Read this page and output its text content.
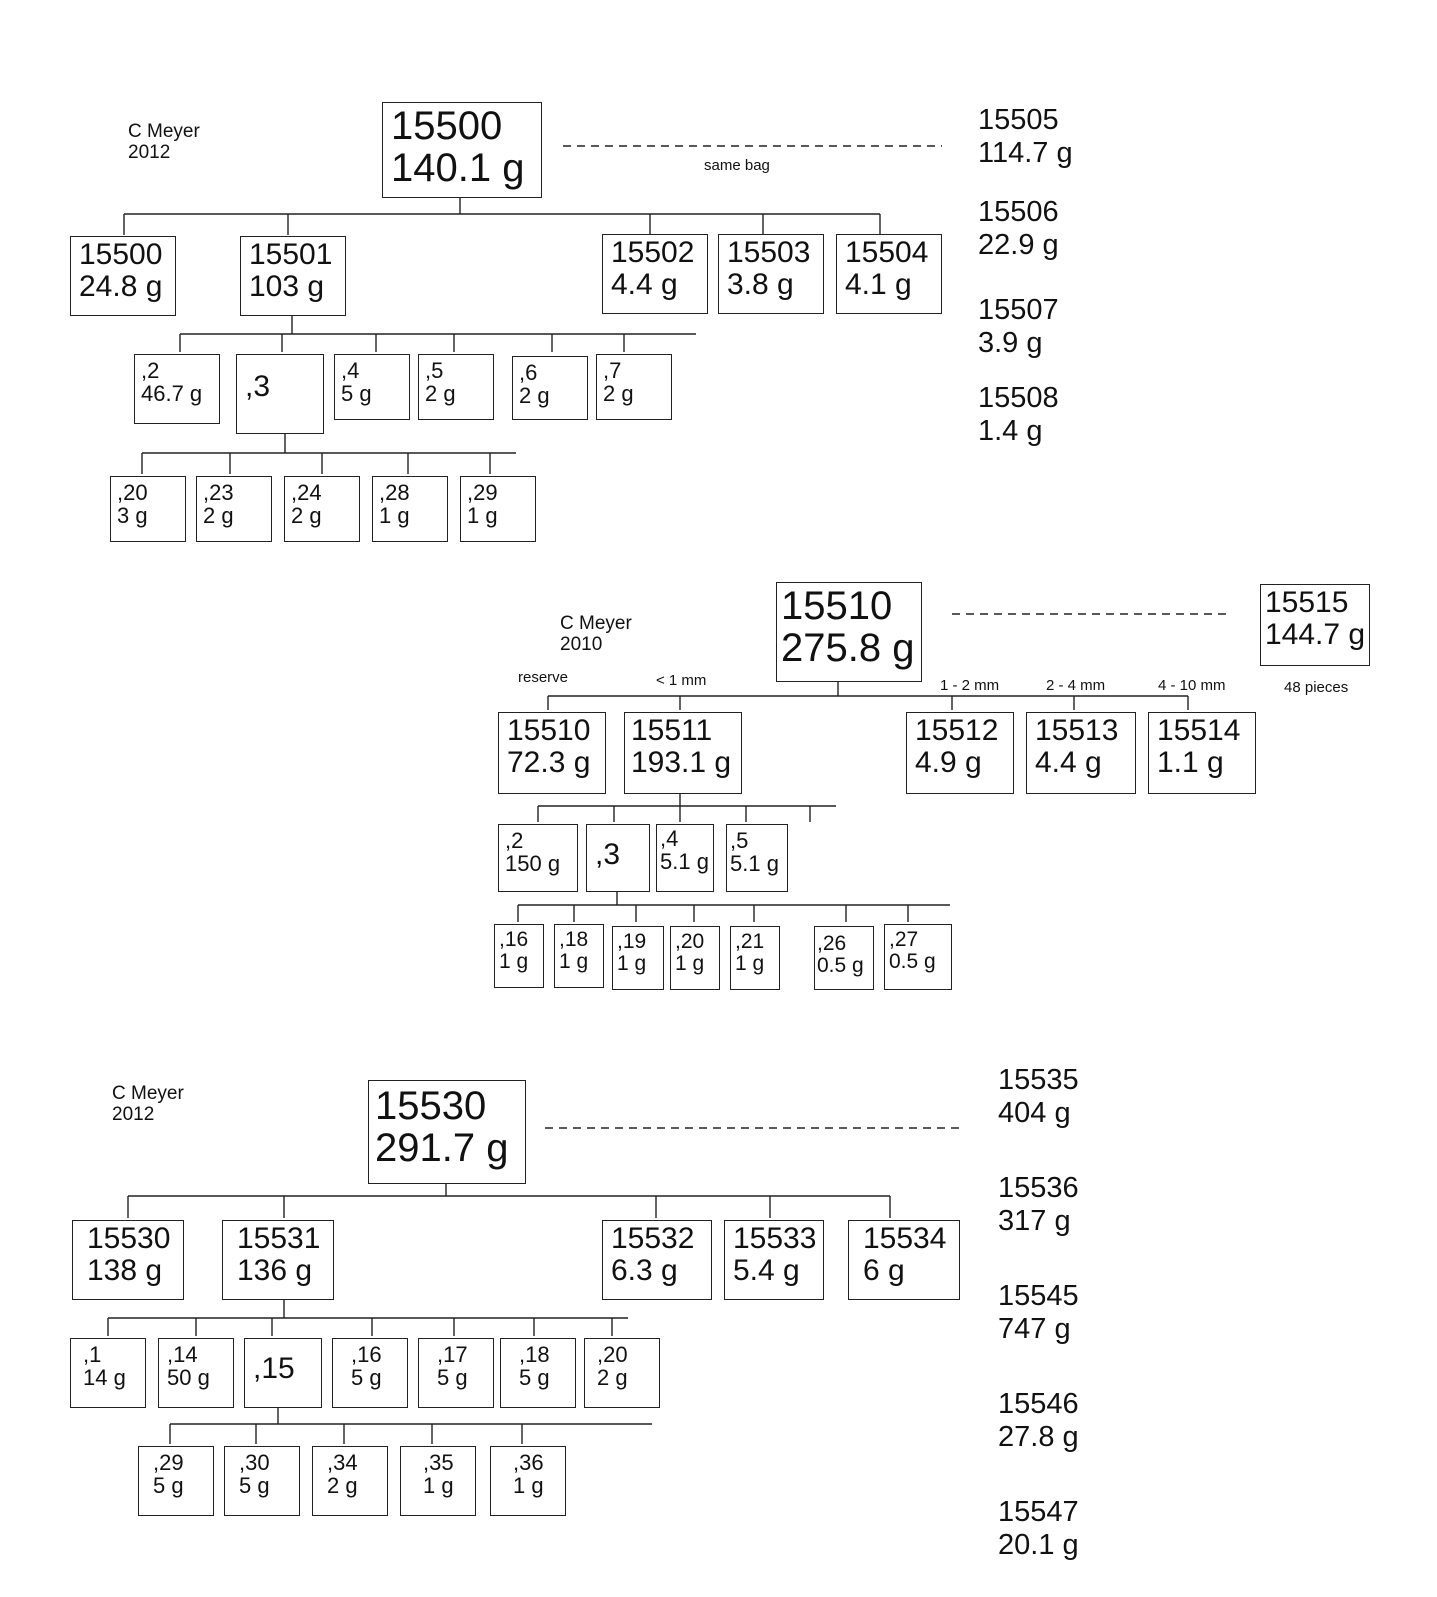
C Meyer
2012
15500
140.1 g	same bag
15500
24.8 g
15501
103 g
15502
4.4 g
15503
3.8 g
15504
4.1 g
,2
46.7 g	,3	,4
5 g
,5
2 g
,6
2 g
,7
2 g
,20
3 g
,23
2 g
,24
2 g
,28
1 g
,29
1 g
15505
114.7 g
15506
22.9 g
15507
3.9 g
15508
1.4 g
C Meyer
2010
15510
275.8 g
15515
144.7 g
reserve	< 1 mm	1 - 2 mm	2 - 4 mm	4 - 10 mm	48 pieces
15510
72.3 g
15511
193.1 g
15512
4.9 g
15513
4.4 g
15514
1.1 g
,2
150 g	,3	,4
5.1 g
,5
5.1 g
,16
1 g
,18
1 g
,19
1 g
,20
1 g
,21
1 g
,26
0.5 g
,27
0.5 g
C Meyer
2012	15530
291.7 g
15530
138 g
15531
136 g
15532
6.3 g
15533
5.4 g
15534
6 g
,1
14 g
,14
50 g	,15	,16
5 g
,17
5 g
,18
5 g
,20
2 g
,29
5 g
,30
5 g
,34
2 g
,35
1 g
,36
1 g
15535
404 g
15536
317 g
15545
747 g
15546
27.8 g
15547
20.1 g
